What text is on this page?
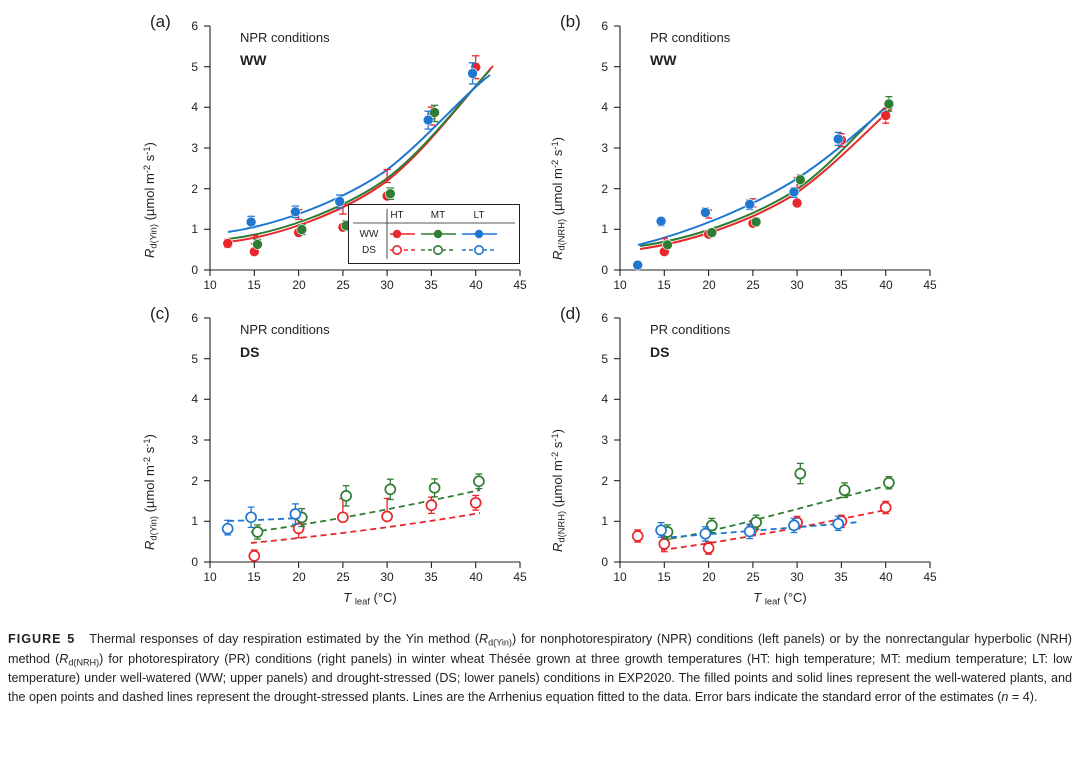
(a)
NPR conditions
WW
$R_{d(Yin)}$ (µmol $m^{-2}$ $s^{-1}$)
0
1
2
3
4
5
6
10	15	20	25	30	35	40	45
HT	MT	LT
WW
DS
(b)
PR conditions
WW
$R_{d(NRH)}$ (µmol $m^{-2}$ $s^{-1}$)
0
1
2
3
4
5
6
10	15	20	25	30	35	40	45
(c)
NPR conditions
DS
$R_{d(Yin)}$ (µmol $m^{-2}$ $s^{-1}$)
0
1
2
3
4
5
6
10	15	20	25	30	35	40	45
T $_{leaf}$ (°C)
(d)
PR conditions
DS
$R_{d(NRH)}$ (µmol $m^{-2}$ $s^{-1}$)
0
1
2
3
4
5
6
10	15	20	25	30	35	40	45
T $_{leaf}$ (°C)
FIGURE 5 Thermal responses of day respiration estimated by the Yin method $(R_{d(Yin)})$ for nonphotorespiratory (NPR) conditions (left panels) or by the nonrectangular hyperbolic (NRH) method $(R_{d(NRH)})$ for photorespiratory (PR) conditions (right panels) in winter wheat Thésée grown at three growth temperatures (HT: high temperature; MT: medium temperature; LT: low temperature) under well-watered (WW; upper panels) and drought-stressed (DS; lower panels) conditions in EXP2020. The filled points and solid lines represent the well-watered plants, and the open points and dashed lines represent the drought-stressed plants. Lines are the Arrhenius equation fitted to the data. Error bars indicate the standard error of the estimates (n = 4).
